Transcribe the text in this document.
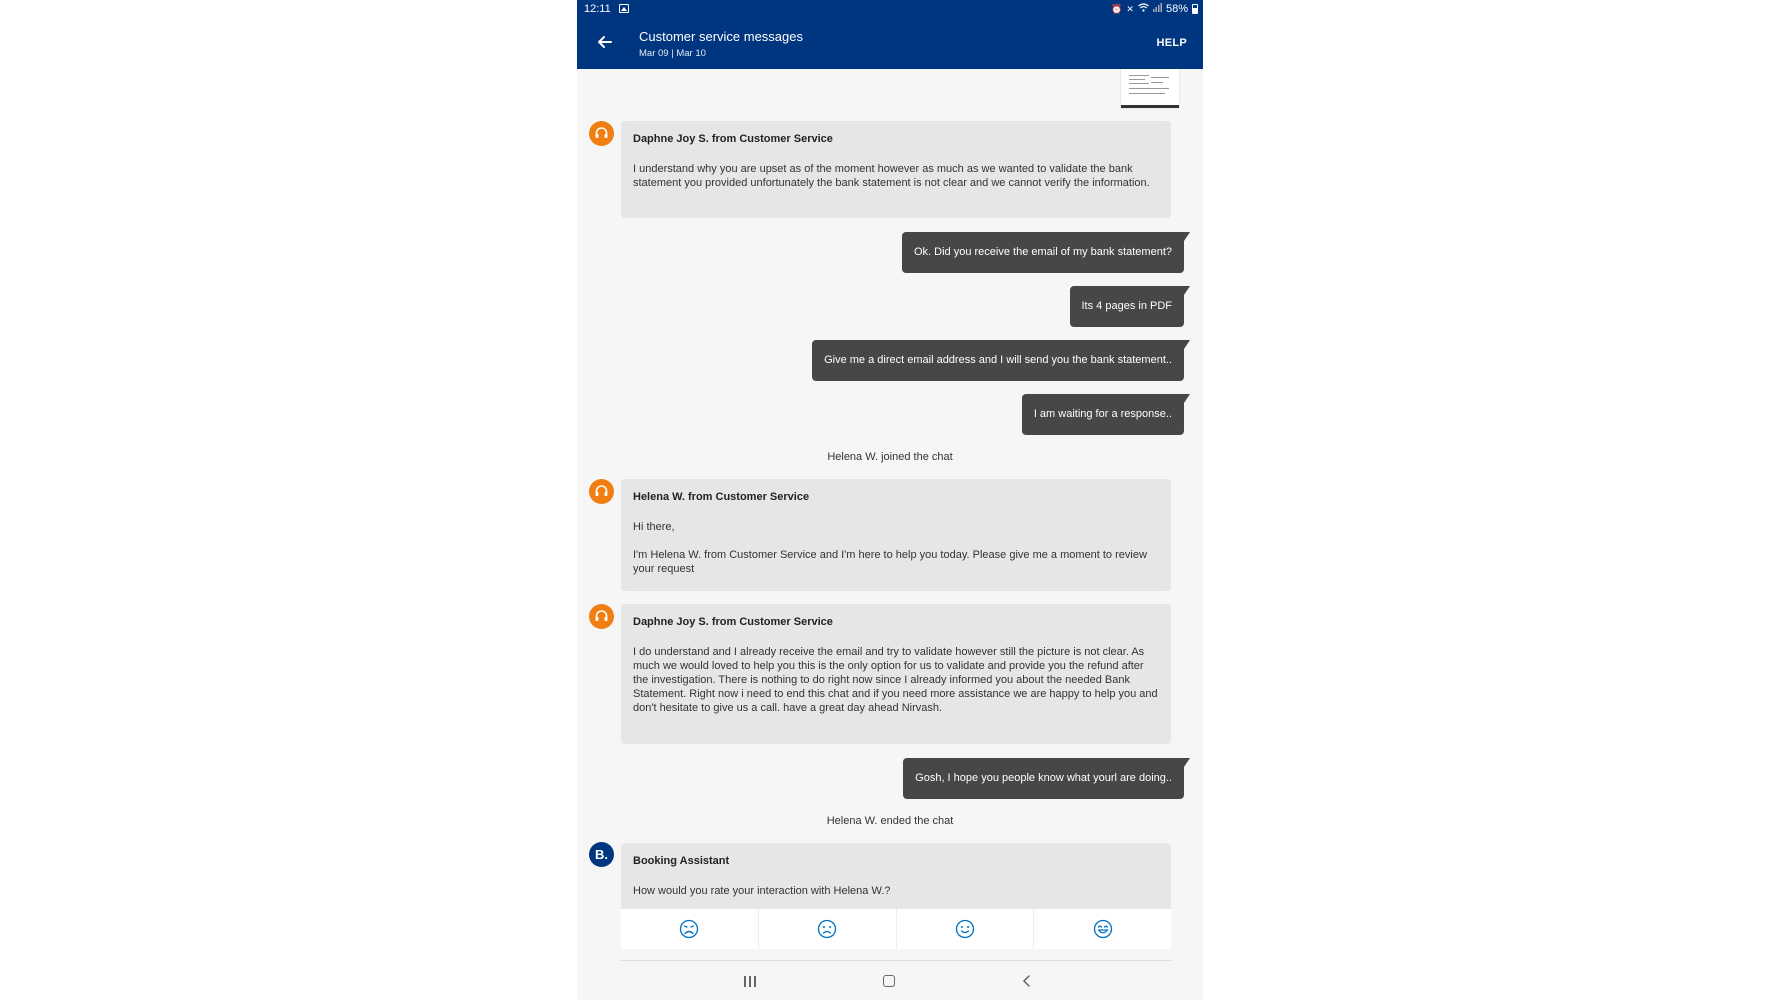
12:11	⏰ ✕	58%
Customer service messages
Mar 09 | Mar 10
HELP
Daphne Joy S. from Customer Service
I understand why you are upset as of the moment however as much as we wanted to validate the bank statement you provided unfortunately the bank statement is not clear and we cannot verify the information.
Ok. Did you receive the email of my bank statement?
Its 4 pages in PDF
Give me a direct email address and I will send you the bank statement..
I am waiting for a response..
Helena W. joined the chat
Helena W. from Customer Service
Hi there,
I'm Helena W. from Customer Service and I'm here to help you today. Please give me a moment to review your request
Daphne Joy S. from Customer Service
I do understand and I already receive the email and try to validate however still the picture is not clear. As much we would loved to help you this is the only option for us to validate and provide you the refund after the investigation. There is nothing to do right now since I already informed you about the needed Bank Statement. Right now i need to end this chat and if you need more assistance we are happy to help you and don't hesitate to give us a call. have a great day ahead Nirvash.
Gosh, I hope you people know what yourl are doing..
Helena W. ended the chat
B.	Booking Assistant
How would you rate your interaction with Helena W.?
